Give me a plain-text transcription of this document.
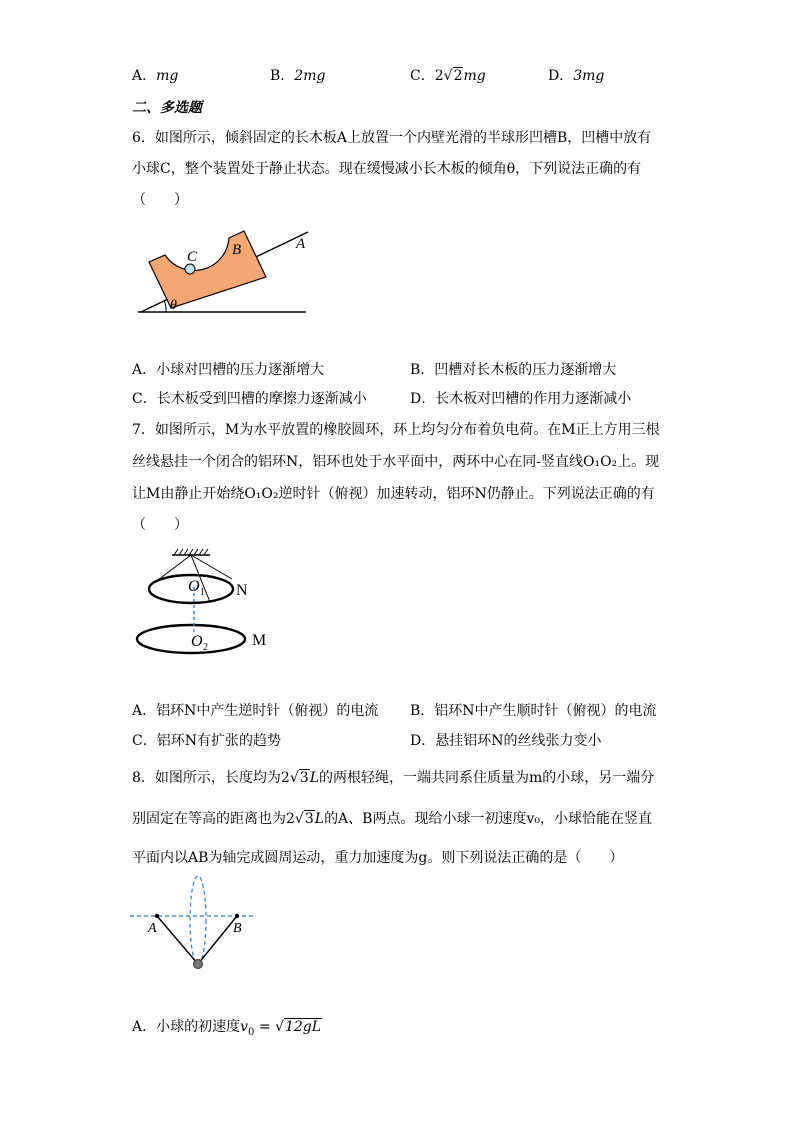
A．mg	B．2mg	C．2√2mg	D．3mg
二、多选题
6．如图所示，倾斜固定的长木板A上放置一个内壁光滑的半球形凹槽B，凹槽中放有
小球C，整个装置处于静止状态。现在缓慢减小长木板的倾角θ，下列说法正确的有
（　　）
C B	A
θ
A．小球对凹槽的压力逐渐增大	B．凹槽对长木板的压力逐渐增大
C．长木板受到凹槽的摩擦力逐渐减小	D．长木板对凹槽的作用力逐渐减小
7．如图所示，M为水平放置的橡胶圆环，环上均匀分布着负电荷。在M正上方用三根
丝线悬挂一个闭合的铝环N，铝环也处于水平面中，两环中心在同-竖直线O₁O₂上。现
让M由静止开始绕O₁O₂逆时针（俯视）加速转动，铝环N仍静止。下列说法正确的有
（　　）
O 1 N
O 2	M
A．铝环N中产生逆时针（俯视）的电流 B．铝环N中产生顺时针（俯视）的电流
C．铝环N有扩张的趋势	D．悬挂铝环N的丝线张力变小
8．如图所示，长度均为2√3L的两根轻绳，一端共同系住质量为m的小球，另一端分
别固定在等高的距离也为2√3L的A、B两点。现给小球一初速度v₀，小球恰能在竖直
平面内以AB为轴完成圆周运动，重力加速度为g。则下列说法正确的是（　　）
A	B
A．小球的初速度$v_0 = √12gL$
